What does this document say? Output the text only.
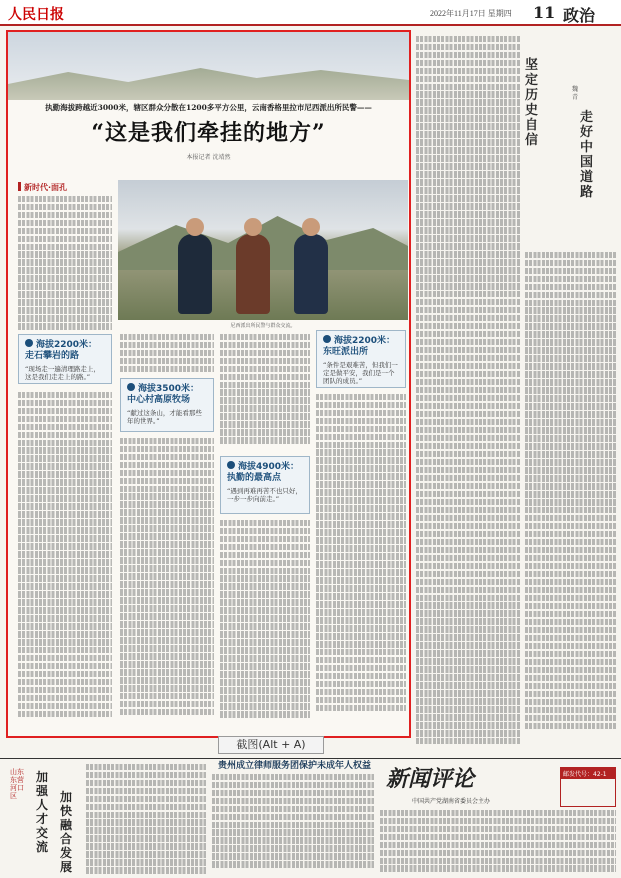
人民日报	2022年11月17日 星期四 11 政治
执勤海拔跨越近3000米，辖区群众分散在1200多平方公里，云南香格里拉市尼西派出所民警——
“这是我们牵挂的地方”
本报记者 沈靖然
新时代·面孔
尼西派出所民警与群众交流。
海拔2200米：走石攀岩的路
“现场走一遍清理路走上，这是我们走走上的路。”
海拔3500米：中心村高原牧场
“献过这条山，才能看那些年的世界。”
海拔4900米：执勤的最高点
“遇到再难再苦不也只好，一步一步向前走。”
海拔2200米：东旺派出所
“条件是艰难苦，但我们一定是做平安，我们是一个团队的成员。”
截图(Alt + A)
坚定历史自信
魏 青
走好中国道路
山东东营河口区
加强人才交流
加快融合发展
贵州成立律师服务团保护未成年人权益 新闻评论
中国共产党湖南省委员会主办
邮发代号：42-1
